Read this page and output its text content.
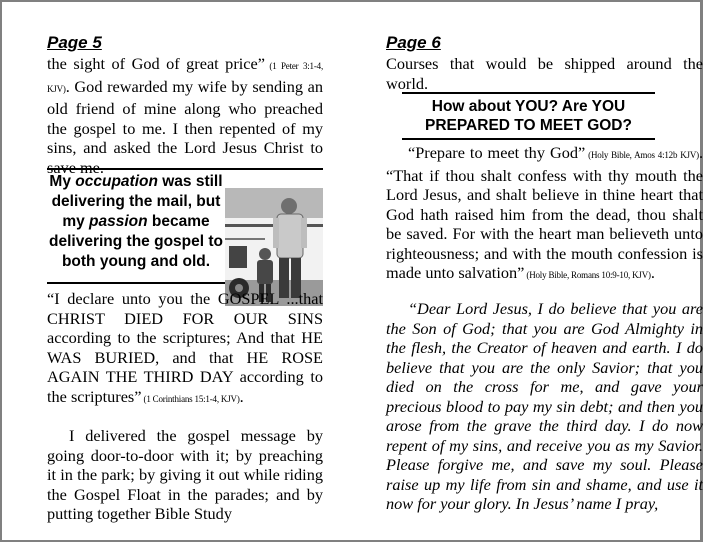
Page 5
the sight of God of great price” (1 Peter 3:1-4, KJV). God rewarded my wife by sending an old friend of mine along who preached the gospel to me. I then repented of my sins, and asked the Lord Jesus Christ to save me.
My occupation was still delivering the mail, but my passion became delivering the gospel to both young and old.
“I declare unto you the GOSPEL ...that CHRIST DIED FOR OUR SINS according to the scriptures; And that HE WAS BURIED, and that HE ROSE AGAIN THE THIRD DAY according to the scriptures” (1 Corinthians 15:1-4, KJV).
I delivered the gospel message by going door-to-door with it; by preaching it in the park; by giving it out while riding the Gospel Float in the parades; and by putting together Bible Study
Page 6
Courses that would be shipped around the world.
How about YOU? Are YOU
PREPARED TO MEET GOD?
“Prepare to meet thy God” (Holy Bible, Amos 4:12b KJV). “That if thou shalt confess with thy mouth the Lord Jesus, and shalt believe in thine heart that God hath raised him from the dead, thou shalt be saved. For with the heart man believeth unto righteousness; and with the mouth confession is made unto salvation” (Holy Bible, Romans 10:9-10, KJV).
“Dear Lord Jesus, I do believe that you are the Son of God; that you are God Almighty in the flesh, the Creator of heaven and earth. I do believe that you are the only Savior; that you died on the cross for me, and gave your precious blood to pay my sin debt; and then you arose from the grave the third day. I do now repent of my sins, and receive you as my Savior. Please forgive me, and save my soul. Please raise up my life from sin and shame, and use it now for your glory. In Jesus’ name I pray,
